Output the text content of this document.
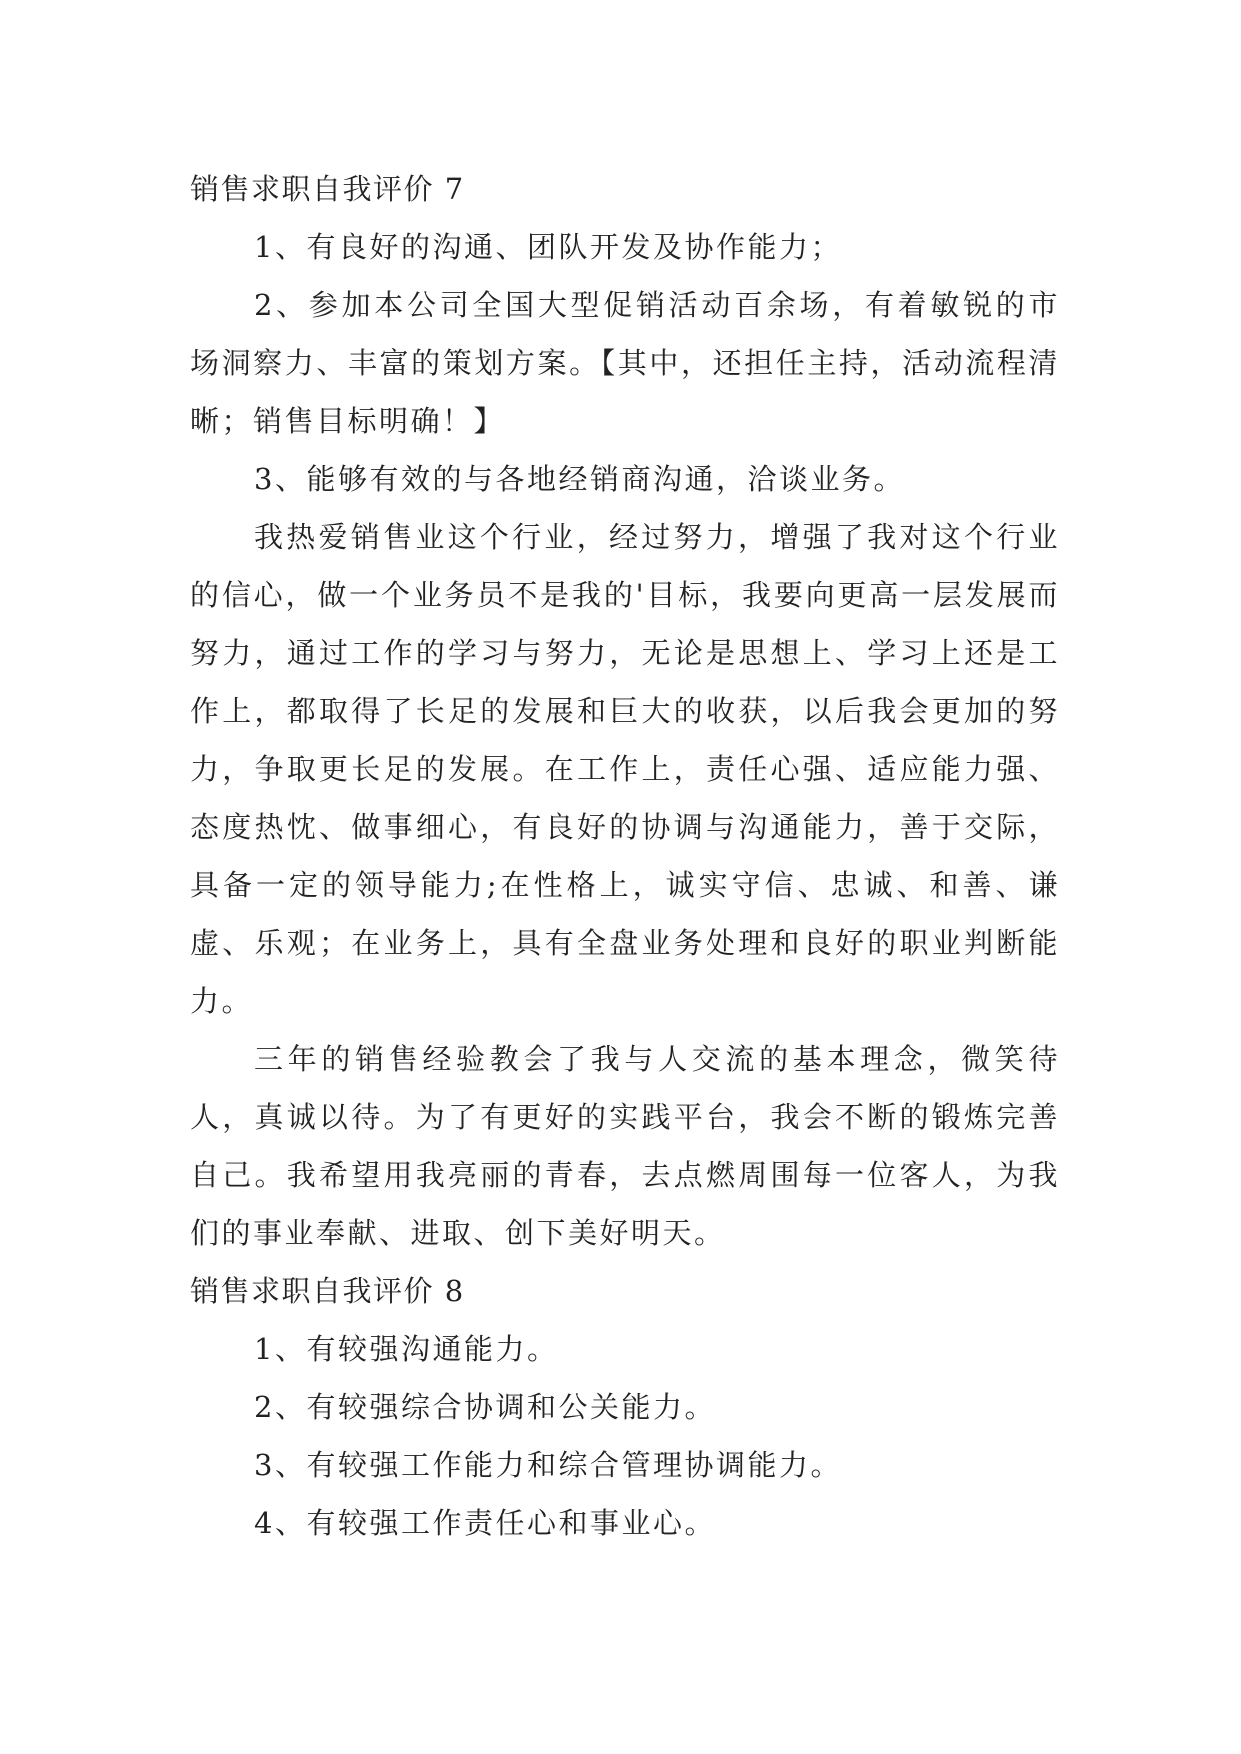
销售求职自我评价 7

1、有良好的沟通、团队开发及协作能力；

2、参加本公司全国大型促销活动百余场，有着敏锐的市场洞察力、丰富的策划方案。【其中，还担任主持，活动流程清晰；销售目标明确！】

3、能够有效的与各地经销商沟通，洽谈业务。

我热爱销售业这个行业，经过努力，增强了我对这个行业的信心，做一个业务员不是我的'目标，我要向更高一层发展而努力，通过工作的学习与努力，无论是思想上、学习上还是工作上，都取得了长足的发展和巨大的收获，以后我会更加的努力，争取更长足的发展。在工作上，责任心强、适应能力强、态度热忱、做事细心，有良好的协调与沟通能力，善于交际，具备一定的领导能力;在性格上，诚实守信、忠诚、和善、谦虚、乐观；在业务上，具有全盘业务处理和良好的职业判断能力。

三年的销售经验教会了我与人交流的基本理念，微笑待人，真诚以待。为了有更好的实践平台，我会不断的锻炼完善自己。我希望用我亮丽的青春，去点燃周围每一位客人，为我们的事业奉献、进取、创下美好明天。

销售求职自我评价 8

1、有较强沟通能力。

2、有较强综合协调和公关能力。

3、有较强工作能力和综合管理协调能力。

4、有较强工作责任心和事业心。
